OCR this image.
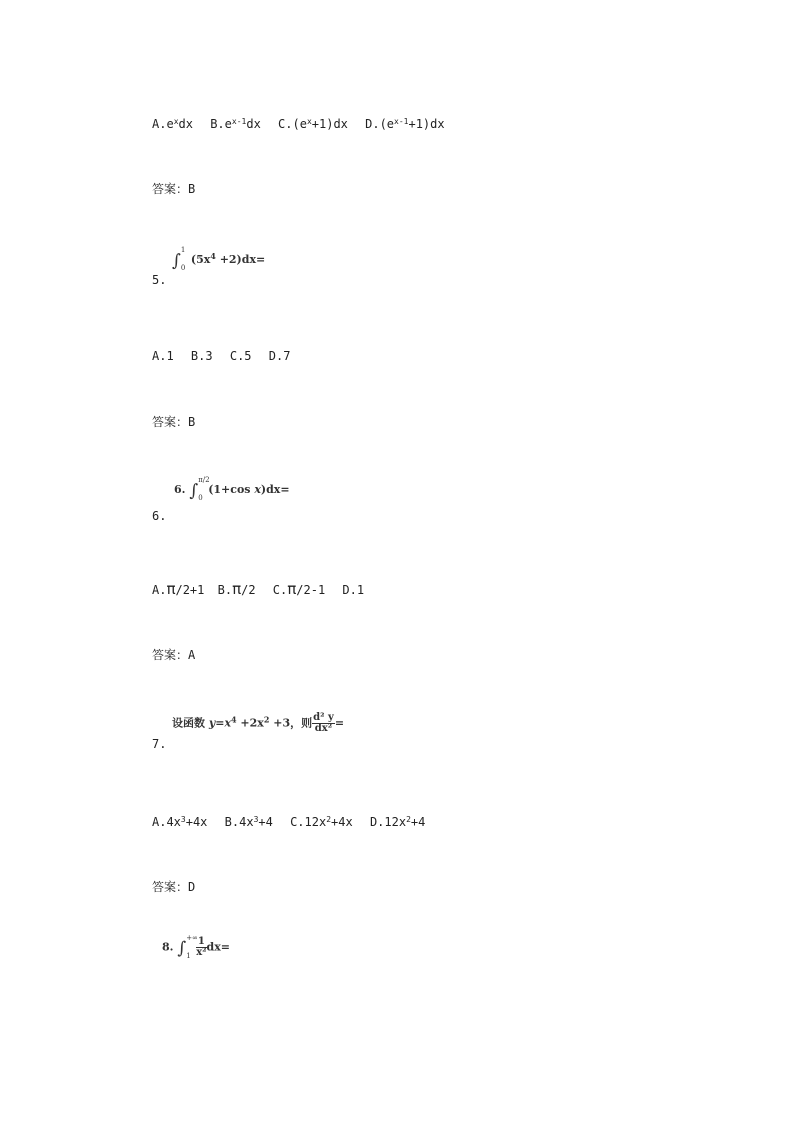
$A.e^xdx$ $B.e^{x-1}dx$ $C.(e^x+1)dx$ $D.(e^{x-1}+1)dx$
答案：B
∫
1
0
$(5x^4 +2)dx=$
5.
A.1 B.3 C.5 D.7
答案：B
6. ∫
π/2
0
(1+cos x)dx=
6.
A.π/2+1 B.π/2 C.π/2-1 D.1
答案：A
设函数 $y=x^4 +2x^2 +3$，则 $\frac{\text{d² y}}{\text{dx²}}$ =
7.
$A.4x^3+4x$ $B.4x^3+4$ $C.12x^2+4x$ $D.12x^2+4$
答案：D
8. ∫
+∞
$1 \frac{1}{\text{x²}} dx=$
